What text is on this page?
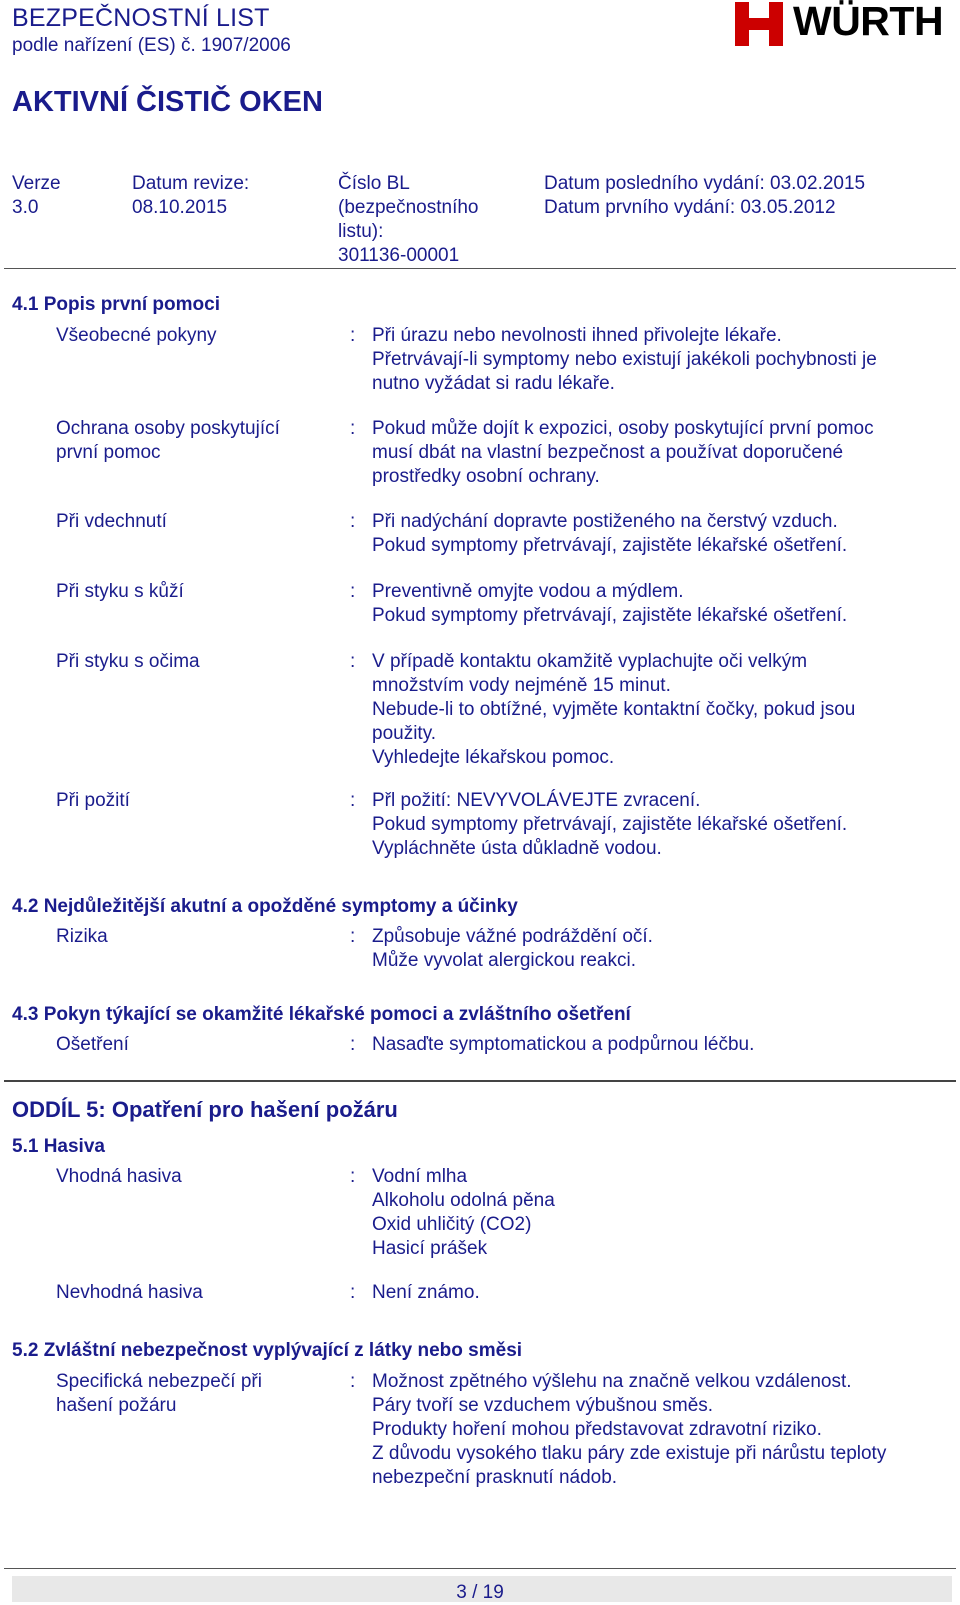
BEZPEČNOSTNÍ LIST
podle nařízení (ES) č. 1907/2006
AKTIVNÍ ČISTIČ OKEN
WÜRTH
Verze
3.0
Datum revize:
08.10.2015
Číslo BL
(bezpečnostního
listu):
301136-00001
Datum posledního vydání: 03.02.2015
Datum prvního vydání: 03.05.2012
4.1 Popis první pomoci
Všeobecné pokyny	: Při úrazu nebo nevolnosti ihned přivolejte lékaře.
Přetrvávají-li symptomy nebo existují jakékoli pochybnosti je
nutno vyžádat si radu lékaře.
Ochrana osoby poskytující
první pomoc
: Pokud může dojít k expozici, osoby poskytující první pomoc
musí dbát na vlastní bezpečnost a používat doporučené
prostředky osobní ochrany.
Při vdechnutí	: Při nadýchání dopravte postiženého na čerstvý vzduch.
Pokud symptomy přetrvávají, zajistěte lékařské ošetření.
Při styku s kůží	: Preventivně omyjte vodou a mýdlem.
Pokud symptomy přetrvávají, zajistěte lékařské ošetření.
Při styku s očima	: V případě kontaktu okamžitě vyplachujte oči velkým
množstvím vody nejméně 15 minut.
Nebude-li to obtížné, vyjměte kontaktní čočky, pokud jsou
použity.
Vyhledejte lékařskou pomoc.
Při požití	: Přl požití: NEVYVOLÁVEJTE zvracení.
Pokud symptomy přetrvávají, zajistěte lékařské ošetření.
Vypláchněte ústa důkladně vodou.
4.2 Nejdůležitější akutní a opožděné symptomy a účinky
Rizika	: Způsobuje vážné podráždění očí.
Může vyvolat alergickou reakci.
4.3 Pokyn týkající se okamžité lékařské pomoci a zvláštního ošetření
Ošetření	: Nasaďte symptomatickou a podpůrnou léčbu.
ODDÍL 5: Opatření pro hašení požáru
5.1 Hasiva
Vhodná hasiva	: Vodní mlha
Alkoholu odolná pěna
Oxid uhličitý (CO2)
Hasicí prášek
Nevhodná hasiva	: Není známo.
5.2 Zvláštní nebezpečnost vyplývající z látky nebo směsi
Specifická nebezpečí při
hašení požáru
: Možnost zpětného výšlehu na značně velkou vzdálenost.
Páry tvoří se vzduchem výbušnou směs.
Produkty hoření mohou představovat zdravotní riziko.
Z důvodu vysokého tlaku páry zde existuje při nárůstu teploty
nebezpeční prasknutí nádob.
3 / 19
